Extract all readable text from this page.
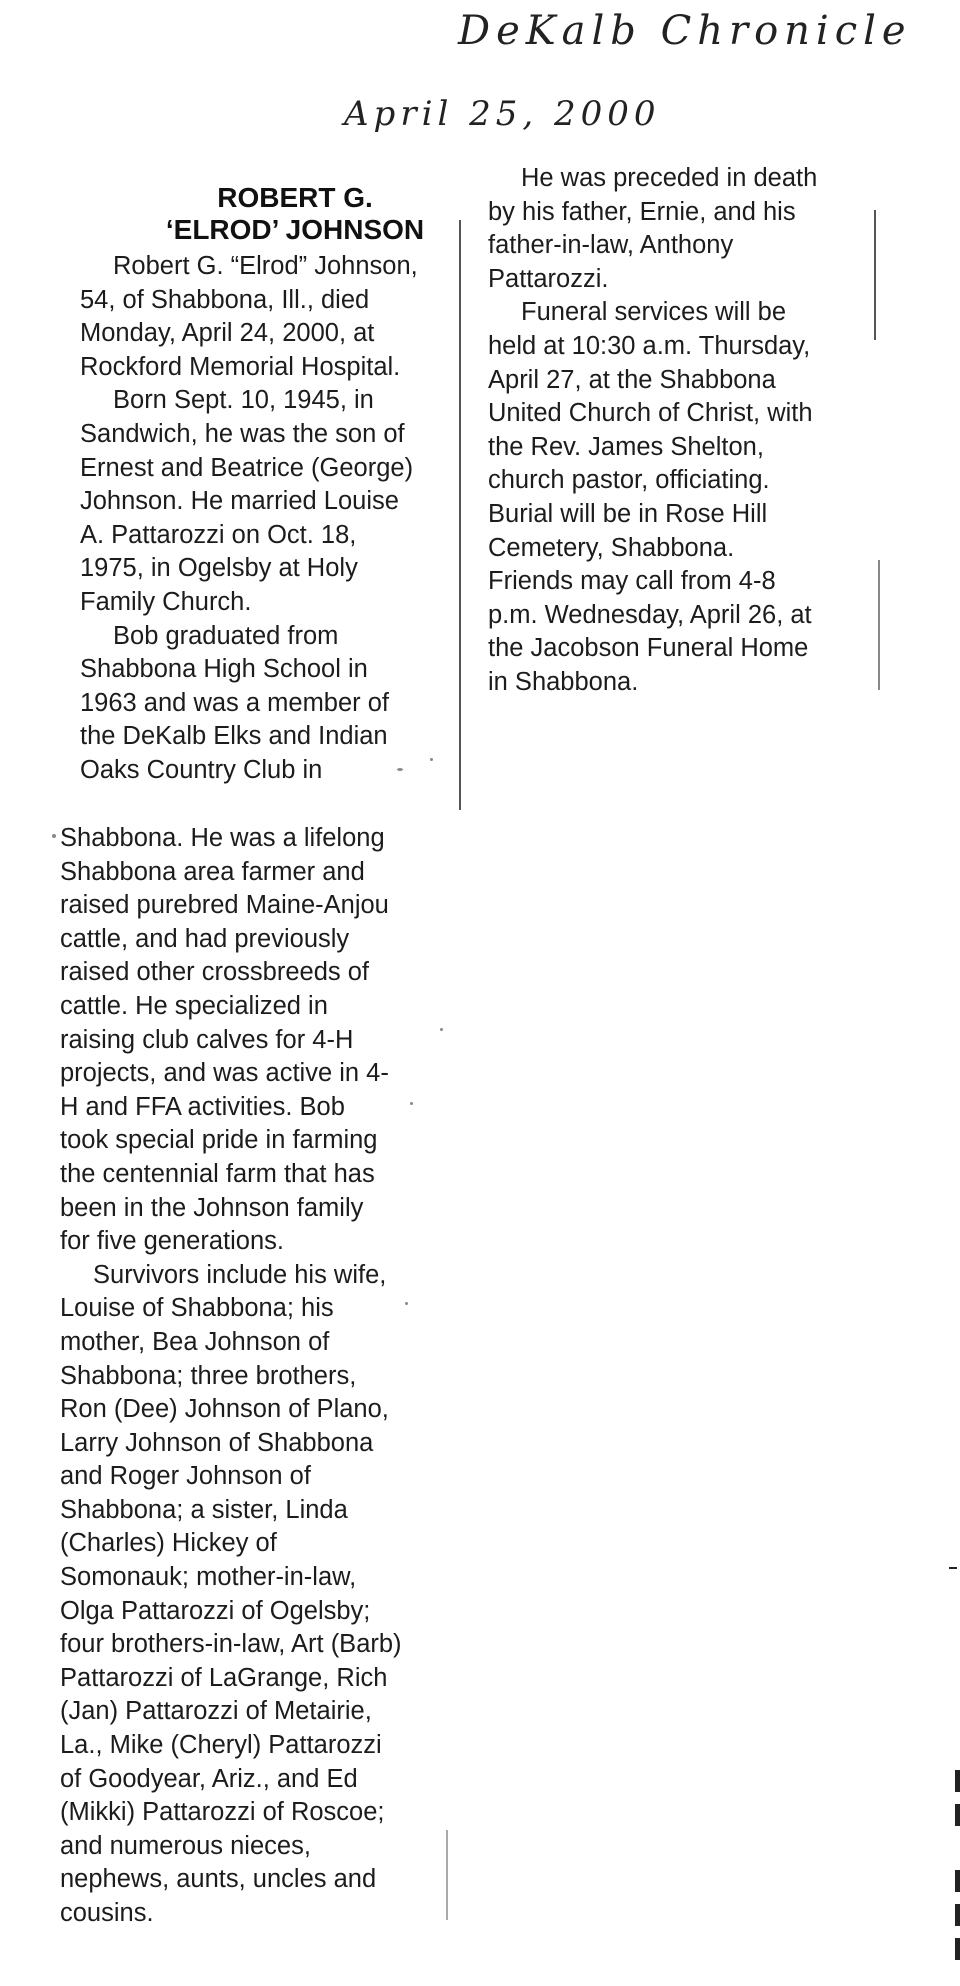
DeKalb Chronicle
April 25, 2000
ROBERT G.
‘ELROD’ JOHNSON

Robert G. “Elrod” Johnson,

54, of Shabbona, Ill., died

Monday, April 24, 2000, at

Rockford Memorial Hospital.

Born Sept. 10, 1945, in

Sandwich, he was the son of

Ernest and Beatrice (George)

Johnson. He married Louise

A. Pattarozzi on Oct. 18,

1975, in Ogelsby at Holy

Family Church.

Bob graduated from

Shabbona High School in

1963 and was a member of

the DeKalb Elks and Indian

Oaks Country Club in

Shabbona. He was a lifelong

Shabbona area farmer and

raised purebred Maine-Anjou

cattle, and had previously

raised other crossbreeds of

cattle. He specialized in

raising club calves for 4-H

projects, and was active in 4-

H and FFA activities. Bob

took special pride in farming

the centennial farm that has

been in the Johnson family

for five generations.

Survivors include his wife,

Louise of Shabbona; his

mother, Bea Johnson of

Shabbona; three brothers,

Ron (Dee) Johnson of Plano,

Larry Johnson of Shabbona

and Roger Johnson of

Shabbona; a sister, Linda

(Charles) Hickey of

Somonauk; mother-in-law,

Olga Pattarozzi of Ogelsby;

four brothers-in-law, Art (Barb)

Pattarozzi of LaGrange, Rich

(Jan) Pattarozzi of Metairie,

La., Mike (Cheryl) Pattarozzi

of Goodyear, Ariz., and Ed

(Mikki) Pattarozzi of Roscoe;

and numerous nieces,

nephews, aunts, uncles and

cousins.

He was preceded in death

by his father, Ernie, and his

father-in-law, Anthony

Pattarozzi.

Funeral services will be

held at 10:30 a.m. Thursday,

April 27, at the Shabbona

United Church of Christ, with

the Rev. James Shelton,

church pastor, officiating.

Burial will be in Rose Hill

Cemetery, Shabbona.

Friends may call from 4-8

p.m. Wednesday, April 26, at

the Jacobson Funeral Home

in Shabbona.
